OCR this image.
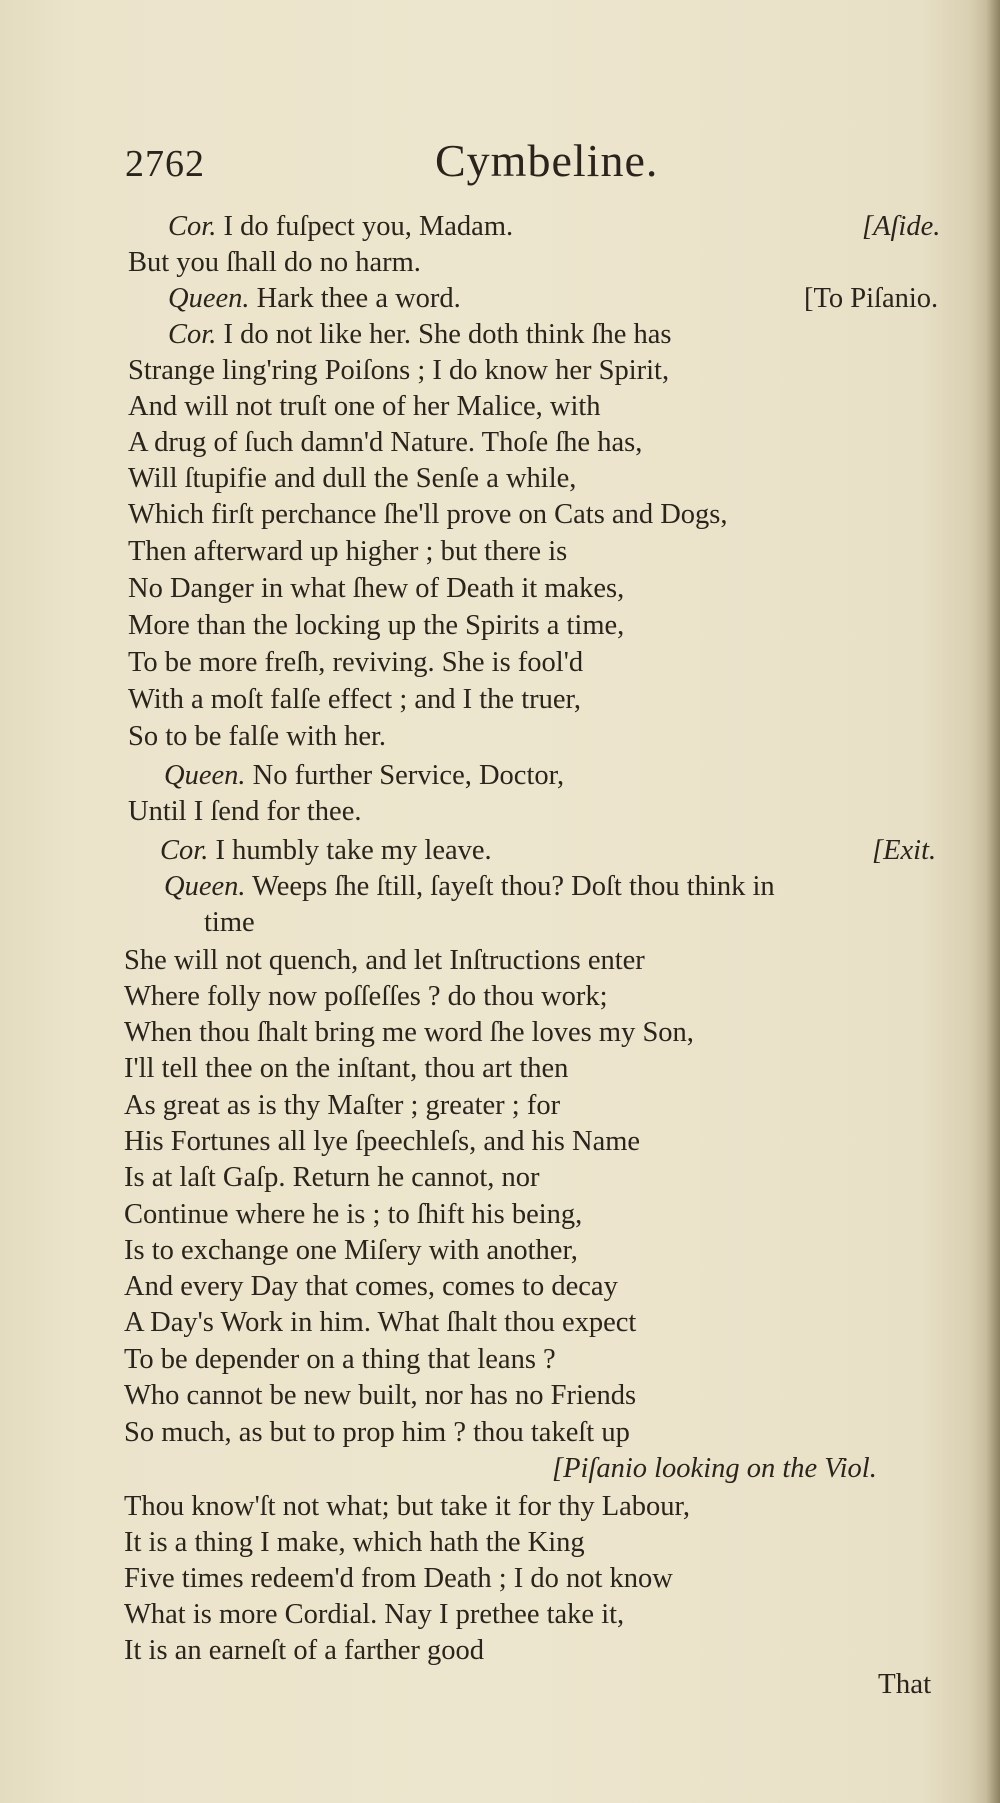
2762	Cymbeline.
Cor. I do fuſpect you, Madam.	[Aſide.
But you ſhall do no harm.
Queen. Hark thee a word.	[To Piſanio.
Cor. I do not like her. She doth think ſhe has
Strange ling'ring Poiſons ; I do know her Spirit,
And will not truſt one of her Malice, with
A drug of ſuch damn'd Nature. Thoſe ſhe has,
Will ſtupifie and dull the Senſe a while,
Which firſt perchance ſhe'll prove on Cats and Dogs,
Then afterward up higher ; but there is
No Danger in what ſhew of Death it makes,
More than the locking up the Spirits a time,
To be more freſh, reviving. She is fool'd
With a moſt falſe effect ; and I the truer,
So to be falſe with her.
Queen. No further Service, Doctor,
Until I ſend for thee.
Cor. I humbly take my leave.	[Exit.
Queen. Weeps ſhe ſtill, ſayeſt thou? Doſt thou think in
time
She will not quench, and let Inſtructions enter
Where folly now poſſeſſes ? do thou work;
When thou ſhalt bring me word ſhe loves my Son,
I'll tell thee on the inſtant, thou art then
As great as is thy Maſter ; greater ; for
His Fortunes all lye ſpeechleſs, and his Name
Is at laſt Gaſp. Return he cannot, nor
Continue where he is ; to ſhift his being,
Is to exchange one Miſery with another,
And every Day that comes, comes to decay
A Day's Work in him. What ſhalt thou expect
To be depender on a thing that leans ?
Who cannot be new built, nor has no Friends
So much, as but to prop him ? thou takeſt up
[Piſanio looking on the Viol.
Thou know'ſt not what; but take it for thy Labour,
It is a thing I make, which hath the King
Five times redeem'd from Death ; I do not know
What is more Cordial. Nay I prethee take it,
It is an earneſt of a farther good
That
